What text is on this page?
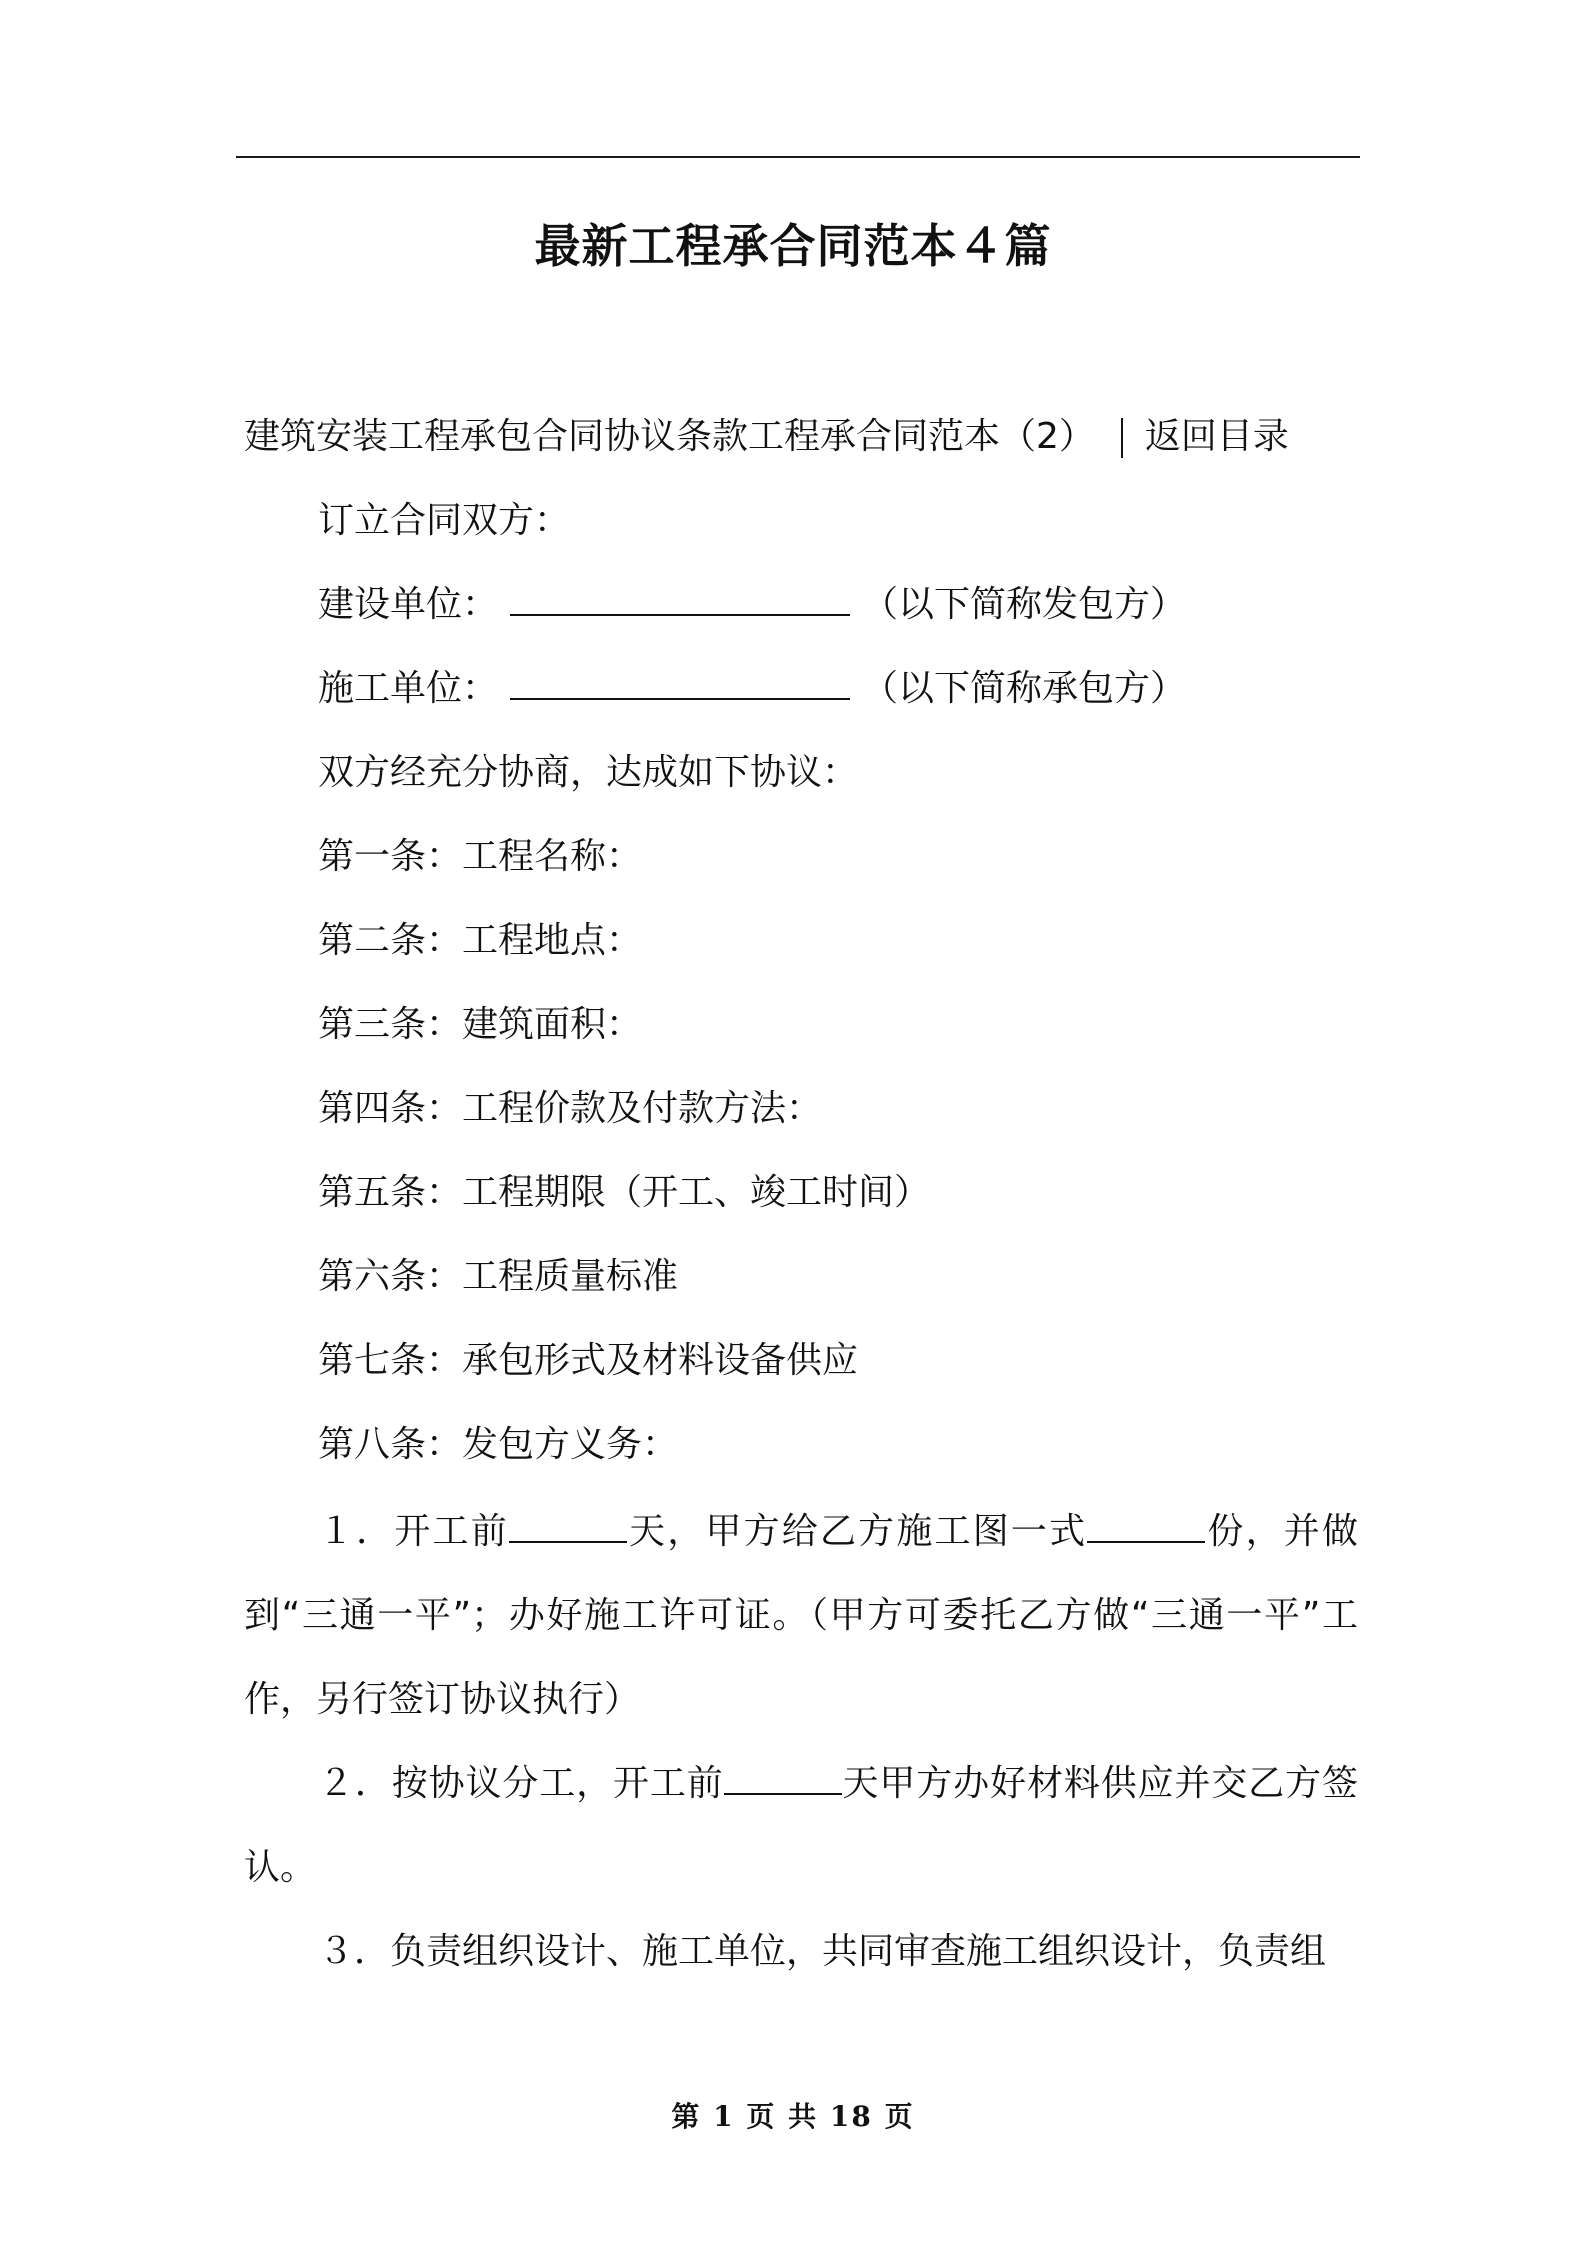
最新工程承合同范本４篇
建筑安装工程承包合同协议条款工程承合同范本（2） 返回目录
订立合同双方：
建设单位：	（以下简称发包方）
施工单位：	（以下简称承包方）
双方经充分协商，达成如下协议：
第一条：工程名称：
第二条：工程地点：
第三条：建筑面积：
第四条：工程价款及付款方法：
第五条：工程期限（开工、竣工时间）
第六条：工程质量标准
第七条：承包形式及材料设备供应
第八条：发包方义务：
１．开工前	天，甲方给乙方施工图一式	份，并做到“三通一平”；办好施工许可证。（甲方可委托乙方做“三通一平”工作，另行签订协议执行）
２．按协议分工，开工前	天甲方办好材料供应并交乙方签认。
３．负责组织设计、施工单位，共同审查施工组织设计，负责组
第 1 页 共 18 页
